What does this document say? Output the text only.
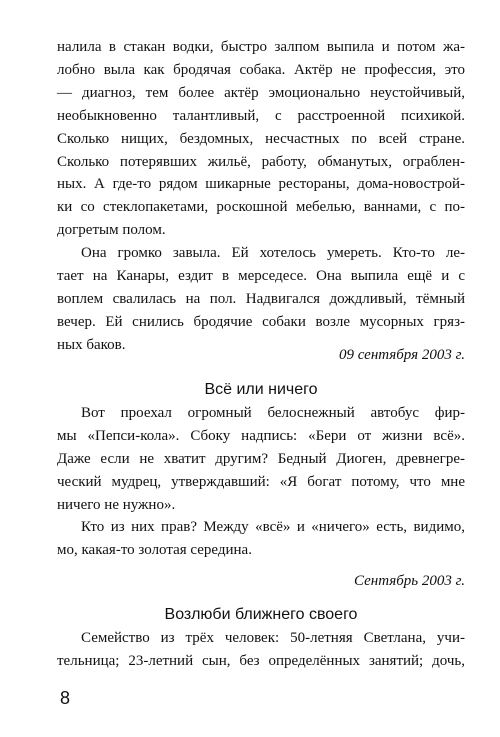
налила в стакан водки, быстро залпом выпила и потом жа-
лобно выла как бродячая собака. Актёр не профессия, это
— диагноз, тем более актёр эмоционально неустойчивый,
необыкновенно талантливый, с расстроенной психикой.
Сколько нищих, бездомных, несчастных по всей стране.
Сколько потерявших жильё, работу, обманутых, ограблен-
ных. А где-то рядом шикарные рестораны, дома-новострой-
ки со стеклопакетами, роскошной мебелью, ваннами, с по-
догретым полом.
Она громко завыла. Ей хотелось умереть. Кто-то ле-
тает на Канары, ездит в мерседесе. Она выпила ещё и с
воплем свалилась на пол. Надвигался дождливый, тёмный
вечер. Ей снились бродячие собаки возле мусорных гряз-
ных баков.
09 сентября 2003 г.
Всё или ничего
Вот проехал огромный белоснежный автобус фир-
мы «Пепси-кола». Сбоку надпись: «Бери от жизни всё».
Даже если не хватит другим? Бедный Диоген, древнегре-
ческий мудрец, утверждавший: «Я богат потому, что мне
ничего не нужно».
Кто из них прав? Между «всё» и «ничего» есть, видимо,
мо, какая-то золотая середина.
Сентябрь 2003 г.
Возлюби ближнего своего
Семейство из трёх человек: 50-летняя Светлана, учи-
тельница; 23-летний сын, без определённых занятий; дочь,
8
